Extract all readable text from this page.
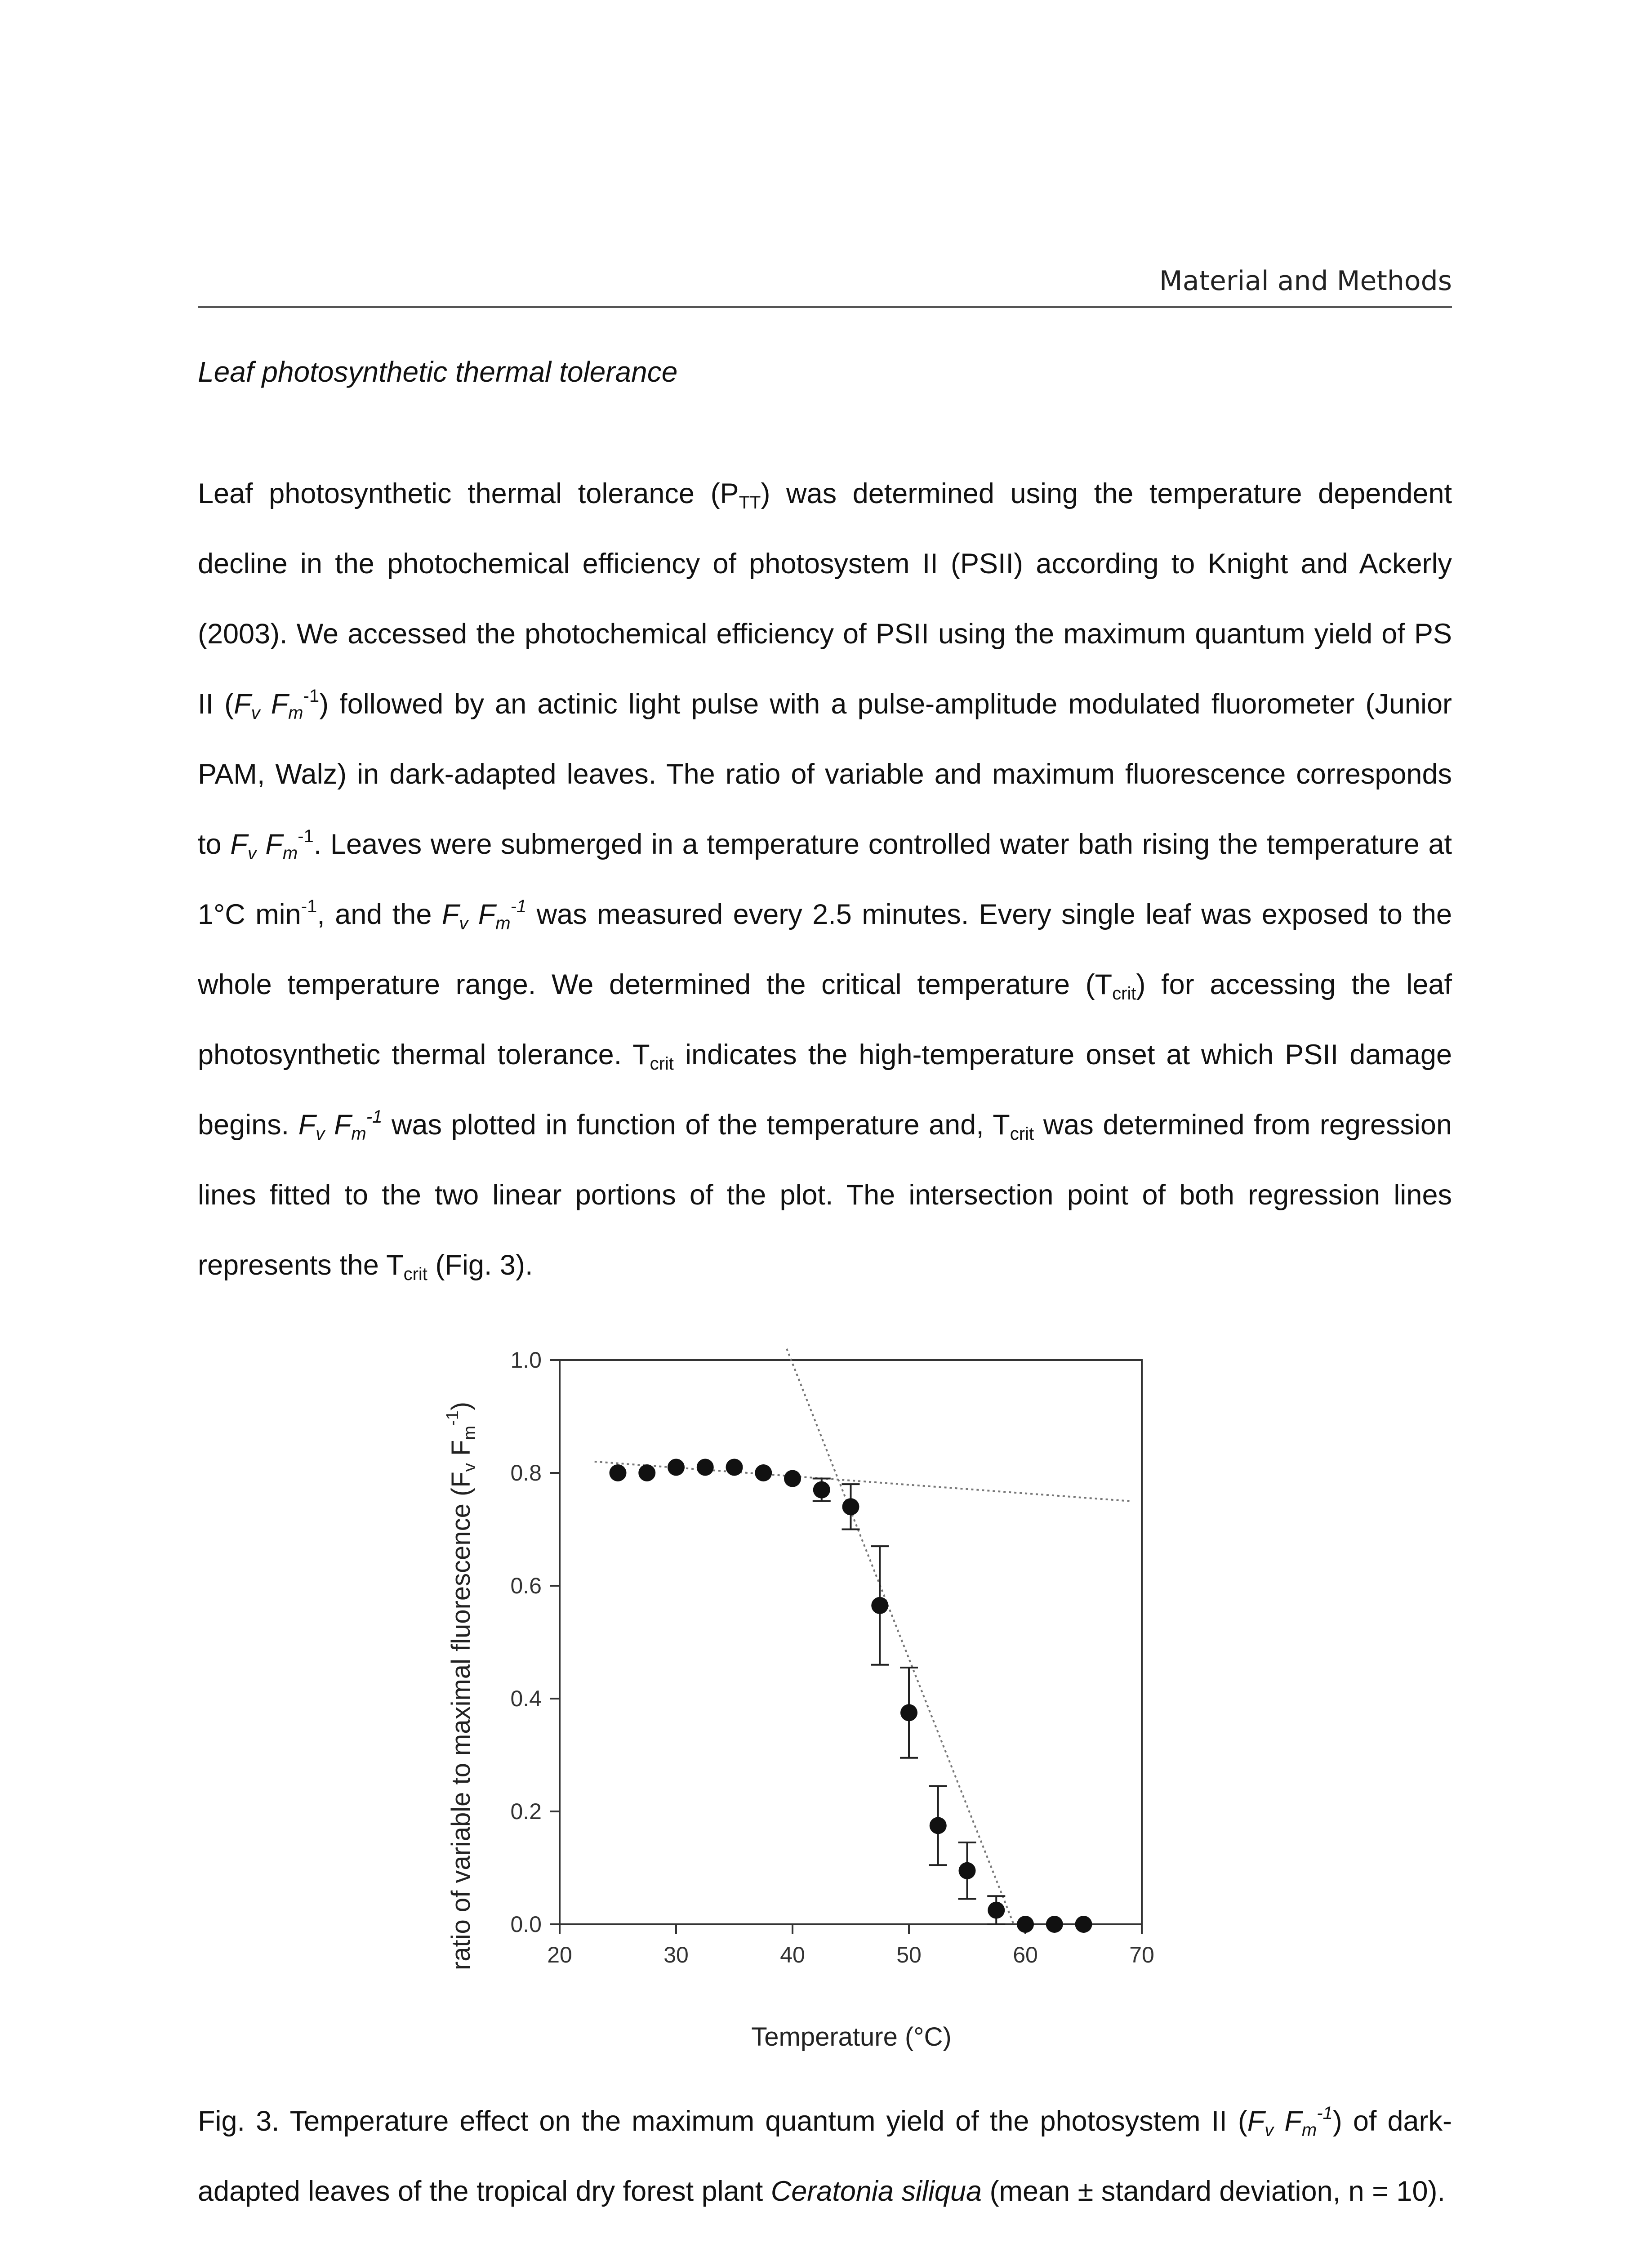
Material and Methods
Leaf photosynthetic thermal tolerance
Leaf photosynthetic thermal tolerance $(P_{TT})$ was determined using the temperature dependent decline in the photochemical efficiency of photosystem II (PSII) according to Knight and Ackerly (2003). We accessed the photochemical efficiency of PSII using the maximum quantum yield of PS II ($F_v$ $F_m^{-1}$) followed by an actinic light pulse with a pulse-amplitude modulated fluorometer (Junior PAM, Walz) in dark-adapted leaves. The ratio of variable and maximum fluorescence corresponds to $F_v$ $F_m^{-1}$. Leaves were submerged in a temperature controlled water bath rising the temperature at 1°C $\min^{-1}$, and the $F_v$ $F_m^{-1}$ was measured every 2.5 minutes. Every single leaf was exposed to the whole temperature range. We determined the critical temperature $(T_{crit})$ for accessing the leaf photosynthetic thermal tolerance. $T_{crit}$ indicates the high-temperature onset at which PSII damage begins. $F_v$ $F_m^{-1}$ was plotted in function of the temperature and, $T_{crit}$ was determined from regression lines fitted to the two linear portions of the plot. The intersection point of both regression lines represents the $T_{crit}$ (Fig. 3).
20	30	40	50	60	70
0.0
0.2
0.4
0.6
0.8
1.0
Temperature (°C)
ratio of variable to maximal fluorescence ($F_v$ $F_m^{-1}$)
Fig. 3. Temperature effect on the maximum quantum yield of the photosystem II ($F_v$ $F_m^{-1}$) of dark-adapted leaves of the tropical dry forest plant Ceratonia siliqua (mean ± standard deviation, n = 10).
